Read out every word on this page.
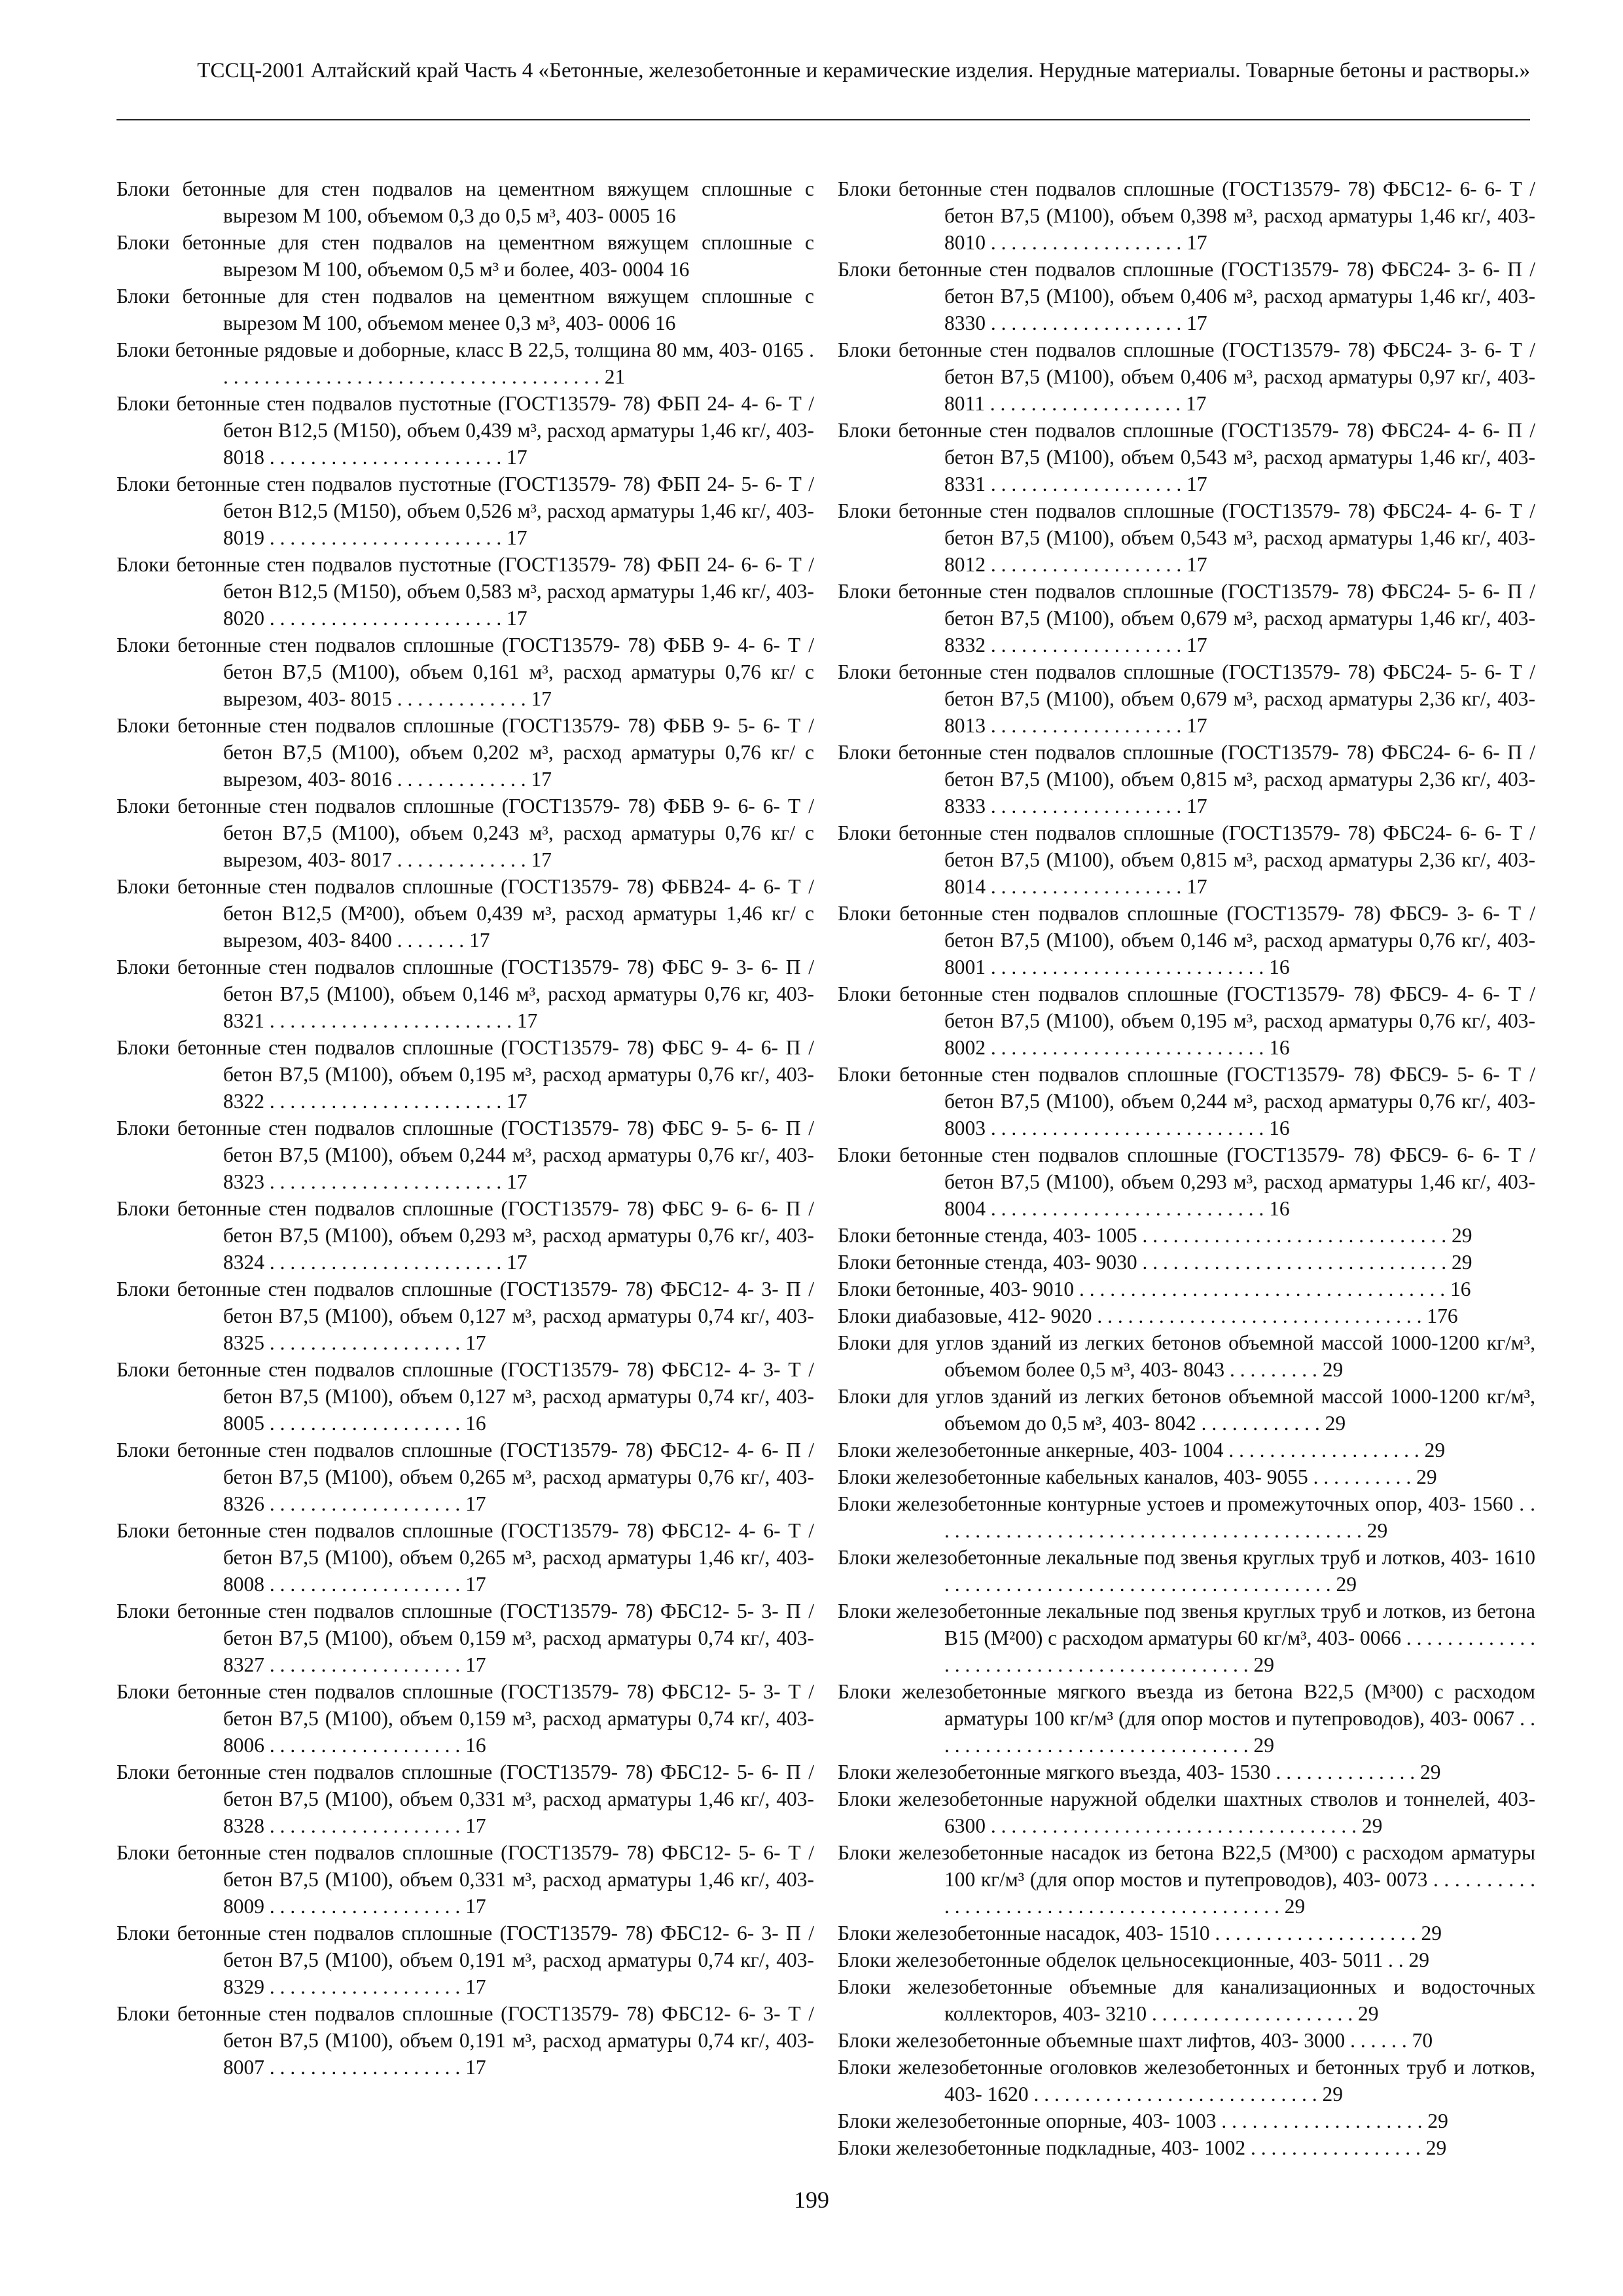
ТССЦ-2001 Алтайский край Часть 4 «Бетонные, железобетонные и керамические изделия. Нерудные материалы. Товарные бетоны и растворы.»

Блоки бетонные для стен подвалов на цементном вяжущем сплошные с вырезом М 100, объемом 0,3 до 0,5 м³, 403- 0005 16

Блоки бетонные для стен подвалов на цементном вяжущем сплошные с вырезом М 100, объемом 0,5 м³ и более, 403- 0004 16

Блоки бетонные для стен подвалов на цементном вяжущем сплошные с вырезом М 100, объемом менее 0,3 м³, 403- 0006 16

Блоки бетонные рядовые и доборные, класс В 22,5, толщина 80 мм, 403- 0165 . . . . . . . . . . . . . . . . . . . . . . . . . . . . . . . . . . . . . . 21

Блоки бетонные стен подвалов пустотные (ГОСТ13579- 78) ФБП 24- 4- 6- Т /бетон В12,5 (М150), объем 0,439 м³, расход арматуры 1,46 кг/, 403- 8018 . . . . . . . . . . . . . . . . . . . . . . . 17

Блоки бетонные стен подвалов пустотные (ГОСТ13579- 78) ФБП 24- 5- 6- Т /бетон В12,5 (М150), объем 0,526 м³, расход арматуры 1,46 кг/, 403- 8019 . . . . . . . . . . . . . . . . . . . . . . . 17

Блоки бетонные стен подвалов пустотные (ГОСТ13579- 78) ФБП 24- 6- 6- Т /бетон В12,5 (М150), объем 0,583 м³, расход арматуры 1,46 кг/, 403- 8020 . . . . . . . . . . . . . . . . . . . . . . . 17

Блоки бетонные стен подвалов сплошные (ГОСТ13579- 78) ФБВ 9- 4- 6- Т /бетон В7,5 (М100), объем 0,161 м³, расход арматуры 0,76 кг/ с вырезом, 403- 8015 . . . . . . . . . . . . . 17

Блоки бетонные стен подвалов сплошные (ГОСТ13579- 78) ФБВ 9- 5- 6- Т /бетон В7,5 (М100), объем 0,202 м³, расход арматуры 0,76 кг/ с вырезом, 403- 8016 . . . . . . . . . . . . . 17

Блоки бетонные стен подвалов сплошные (ГОСТ13579- 78) ФБВ 9- 6- 6- Т /бетон В7,5 (М100), объем 0,243 м³, расход арматуры 0,76 кг/ с вырезом, 403- 8017 . . . . . . . . . . . . . 17

Блоки бетонные стен подвалов сплошные (ГОСТ13579- 78) ФБВ24- 4- 6- Т /бетон В12,5 (М²00), объем 0,439 м³, расход арматуры 1,46 кг/ с вырезом, 403- 8400 . . . . . . . 17

Блоки бетонные стен подвалов сплошные (ГОСТ13579- 78) ФБС 9- 3- 6- П /бетон В7,5 (М100), объем 0,146 м³, расход арматуры 0,76 кг, 403- 8321 . . . . . . . . . . . . . . . . . . . . . . . . 17

Блоки бетонные стен подвалов сплошные (ГОСТ13579- 78) ФБС 9- 4- 6- П /бетон В7,5 (М100), объем 0,195 м³, расход арматуры 0,76 кг/, 403- 8322 . . . . . . . . . . . . . . . . . . . . . . . 17

Блоки бетонные стен подвалов сплошные (ГОСТ13579- 78) ФБС 9- 5- 6- П /бетон В7,5 (М100), объем 0,244 м³, расход арматуры 0,76 кг/, 403- 8323 . . . . . . . . . . . . . . . . . . . . . . . 17

Блоки бетонные стен подвалов сплошные (ГОСТ13579- 78) ФБС 9- 6- 6- П /бетон В7,5 (М100), объем 0,293 м³, расход арматуры 0,76 кг/, 403- 8324 . . . . . . . . . . . . . . . . . . . . . . . 17

Блоки бетонные стен подвалов сплошные (ГОСТ13579- 78) ФБС12- 4- 3- П /бетон В7,5 (М100), объем 0,127 м³, расход арматуры 0,74 кг/, 403- 8325 . . . . . . . . . . . . . . . . . . . 17

Блоки бетонные стен подвалов сплошные (ГОСТ13579- 78) ФБС12- 4- 3- Т /бетон В7,5 (М100), объем 0,127 м³, расход арматуры 0,74 кг/, 403- 8005 . . . . . . . . . . . . . . . . . . . 16

Блоки бетонные стен подвалов сплошные (ГОСТ13579- 78) ФБС12- 4- 6- П /бетон В7,5 (М100), объем 0,265 м³, расход арматуры 0,76 кг/, 403- 8326 . . . . . . . . . . . . . . . . . . . 17

Блоки бетонные стен подвалов сплошные (ГОСТ13579- 78) ФБС12- 4- 6- Т /бетон В7,5 (М100), объем 0,265 м³, расход арматуры 1,46 кг/, 403- 8008 . . . . . . . . . . . . . . . . . . . 17

Блоки бетонные стен подвалов сплошные (ГОСТ13579- 78) ФБС12- 5- 3- П /бетон В7,5 (М100), объем 0,159 м³, расход арматуры 0,74 кг/, 403- 8327 . . . . . . . . . . . . . . . . . . . 17

Блоки бетонные стен подвалов сплошные (ГОСТ13579- 78) ФБС12- 5- 3- Т /бетон В7,5 (М100), объем 0,159 м³, расход арматуры 0,74 кг/, 403- 8006 . . . . . . . . . . . . . . . . . . . 16

Блоки бетонные стен подвалов сплошные (ГОСТ13579- 78) ФБС12- 5- 6- П /бетон В7,5 (М100), объем 0,331 м³, расход арматуры 1,46 кг/, 403- 8328 . . . . . . . . . . . . . . . . . . . 17

Блоки бетонные стен подвалов сплошные (ГОСТ13579- 78) ФБС12- 5- 6- Т /бетон В7,5 (М100), объем 0,331 м³, расход арматуры 1,46 кг/, 403- 8009 . . . . . . . . . . . . . . . . . . . 17

Блоки бетонные стен подвалов сплошные (ГОСТ13579- 78) ФБС12- 6- 3- П /бетон В7,5 (М100), объем 0,191 м³, расход арматуры 0,74 кг/, 403- 8329 . . . . . . . . . . . . . . . . . . . 17

Блоки бетонные стен подвалов сплошные (ГОСТ13579- 78) ФБС12- 6- 3- Т /бетон В7,5 (М100), объем 0,191 м³, расход арматуры 0,74 кг/, 403- 8007 . . . . . . . . . . . . . . . . . . . 17

Блоки бетонные стен подвалов сплошные (ГОСТ13579- 78) ФБС12- 6- 6- Т /бетон В7,5 (М100), объем 0,398 м³, расход арматуры 1,46 кг/, 403- 8010 . . . . . . . . . . . . . . . . . . . 17

Блоки бетонные стен подвалов сплошные (ГОСТ13579- 78) ФБС24- 3- 6- П /бетон В7,5 (М100), объем 0,406 м³, расход арматуры 1,46 кг/, 403- 8330 . . . . . . . . . . . . . . . . . . . 17

Блоки бетонные стен подвалов сплошные (ГОСТ13579- 78) ФБС24- 3- 6- Т /бетон В7,5 (М100), объем 0,406 м³, расход арматуры 0,97 кг/, 403- 8011 . . . . . . . . . . . . . . . . . . . 17

Блоки бетонные стен подвалов сплошные (ГОСТ13579- 78) ФБС24- 4- 6- П /бетон В7,5 (М100), объем 0,543 м³, расход арматуры 1,46 кг/, 403- 8331 . . . . . . . . . . . . . . . . . . . 17

Блоки бетонные стен подвалов сплошные (ГОСТ13579- 78) ФБС24- 4- 6- Т /бетон В7,5 (М100), объем 0,543 м³, расход арматуры 1,46 кг/, 403- 8012 . . . . . . . . . . . . . . . . . . . 17

Блоки бетонные стен подвалов сплошные (ГОСТ13579- 78) ФБС24- 5- 6- П /бетон В7,5 (М100), объем 0,679 м³, расход арматуры 1,46 кг/, 403- 8332 . . . . . . . . . . . . . . . . . . . 17

Блоки бетонные стен подвалов сплошные (ГОСТ13579- 78) ФБС24- 5- 6- Т /бетон В7,5 (М100), объем 0,679 м³, расход арматуры 2,36 кг/, 403- 8013 . . . . . . . . . . . . . . . . . . . 17

Блоки бетонные стен подвалов сплошные (ГОСТ13579- 78) ФБС24- 6- 6- П /бетон В7,5 (М100), объем 0,815 м³, расход арматуры 2,36 кг/, 403- 8333 . . . . . . . . . . . . . . . . . . . 17

Блоки бетонные стен подвалов сплошные (ГОСТ13579- 78) ФБС24- 6- 6- Т /бетон В7,5 (М100), объем 0,815 м³, расход арматуры 2,36 кг/, 403- 8014 . . . . . . . . . . . . . . . . . . . 17

Блоки бетонные стен подвалов сплошные (ГОСТ13579- 78) ФБС9- 3- 6- Т /бетон В7,5 (М100), объем 0,146 м³, расход арматуры 0,76 кг/, 403- 8001 . . . . . . . . . . . . . . . . . . . . . . . . . . . 16

Блоки бетонные стен подвалов сплошные (ГОСТ13579- 78) ФБС9- 4- 6- Т /бетон В7,5 (М100), объем 0,195 м³, расход арматуры 0,76 кг/, 403- 8002 . . . . . . . . . . . . . . . . . . . . . . . . . . . 16

Блоки бетонные стен подвалов сплошные (ГОСТ13579- 78) ФБС9- 5- 6- Т /бетон В7,5 (М100), объем 0,244 м³, расход арматуры 0,76 кг/, 403- 8003 . . . . . . . . . . . . . . . . . . . . . . . . . . . 16

Блоки бетонные стен подвалов сплошные (ГОСТ13579- 78) ФБС9- 6- 6- Т /бетон В7,5 (М100), объем 0,293 м³, расход арматуры 1,46 кг/, 403- 8004 . . . . . . . . . . . . . . . . . . . . . . . . . . . 16

Блоки бетонные стенда, 403- 1005 . . . . . . . . . . . . . . . . . . . . . . . . . . . . . . 29

Блоки бетонные стенда, 403- 9030 . . . . . . . . . . . . . . . . . . . . . . . . . . . . . . 29

Блоки бетонные, 403- 9010 . . . . . . . . . . . . . . . . . . . . . . . . . . . . . . . . . . . . 16

Блоки диабазовые, 412- 9020 . . . . . . . . . . . . . . . . . . . . . . . . . . . . . . . . 176

Блоки для углов зданий из легких бетонов объемной массой 1000-1200 кг/м³, объемом более 0,5 м³, 403- 8043 . . . . . . . . . 29

Блоки для углов зданий из легких бетонов объемной массой 1000-1200 кг/м³, объемом до 0,5 м³, 403- 8042 . . . . . . . . . . . . 29

Блоки железобетонные анкерные, 403- 1004 . . . . . . . . . . . . . . . . . . . 29

Блоки железобетонные кабельных каналов, 403- 9055 . . . . . . . . . . 29

Блоки железобетонные контурные устоев и промежуточных опор, 403- 1560 . . . . . . . . . . . . . . . . . . . . . . . . . . . . . . . . . . . . . . . . . . . 29

Блоки железобетонные лекальные под звенья круглых труб и лотков, 403- 1610 . . . . . . . . . . . . . . . . . . . . . . . . . . . . . . . . . . . . . . 29

Блоки железобетонные лекальные под звенья круглых труб и лотков, из бетона В15 (М²00) с расходом арматуры 60 кг/м³, 403- 0066 . . . . . . . . . . . . . . . . . . . . . . . . . . . . . . . . . . . . . . . . . . . 29

Блоки железобетонные мягкого въезда из бетона В22,5 (М³00) с расходом арматуры 100 кг/м³ (для опор мостов и путепроводов), 403- 0067 . . . . . . . . . . . . . . . . . . . . . . . . . . . . . . . . 29

Блоки железобетонные мягкого въезда, 403- 1530 . . . . . . . . . . . . . . 29

Блоки железобетонные наружной обделки шахтных стволов и тоннелей, 403- 6300 . . . . . . . . . . . . . . . . . . . . . . . . . . . . . . . . . . . . 29

Блоки железобетонные насадок из бетона В22,5 (М³00) с расходом арматуры 100 кг/м³ (для опор мостов и путепроводов), 403- 0073 . . . . . . . . . . . . . . . . . . . . . . . . . . . . . . . . . . . . . . . . . . . 29

Блоки железобетонные насадок, 403- 1510 . . . . . . . . . . . . . . . . . . . . 29

Блоки железобетонные обделок цельносекционные, 403- 5011 . . 29

Блоки железобетонные объемные для канализационных и водосточных коллекторов, 403- 3210 . . . . . . . . . . . . . . . . . . . . 29

Блоки железобетонные объемные шахт лифтов, 403- 3000 . . . . . . 70

Блоки железобетонные оголовков железобетонных и бетонных труб и лотков, 403- 1620 . . . . . . . . . . . . . . . . . . . . . . . . . . . . 29

Блоки железобетонные опорные, 403- 1003 . . . . . . . . . . . . . . . . . . . . 29

Блоки железобетонные подкладные, 403- 1002 . . . . . . . . . . . . . . . . . 29

199
